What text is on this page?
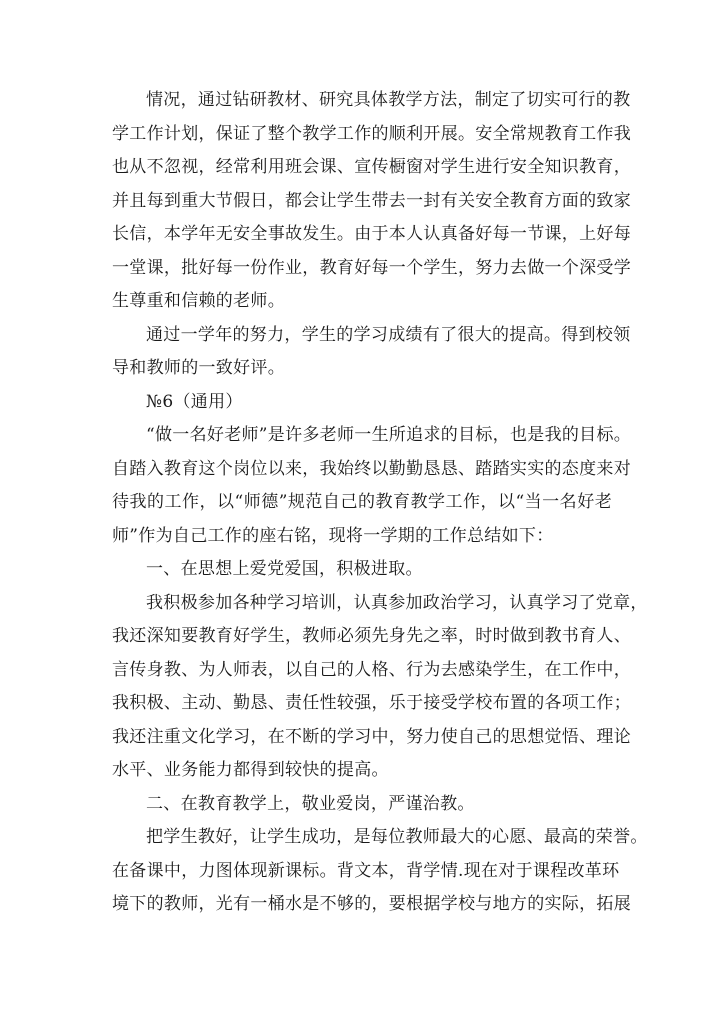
情况，通过钻研教材、研究具体教学方法，制定了切实可行的教
学工作计划，保证了整个教学工作的顺利开展。安全常规教育工作我
也从不忽视，经常利用班会课、宣传橱窗对学生进行安全知识教育，
并且每到重大节假日，都会让学生带去一封有关安全教育方面的致家
长信，本学年无安全事故发生。由于本人认真备好每一节课，上好每
一堂课，批好每一份作业，教育好每一个学生，努力去做一个深受学
生尊重和信赖的老师。
通过一学年的努力，学生的学习成绩有了很大的提高。得到校领
导和教师的一致好评。
№6（通用）
“做一名好老师”是许多老师一生所追求的目标，也是我的目标。
自踏入教育这个岗位以来，我始终以勤勤恳恳、踏踏实实的态度来对
待我的工作，以“师德”规范自己的教育教学工作，以“当一名好老
师”作为自己工作的座右铭，现将一学期的工作总结如下：
一、在思想上爱党爱国，积极进取。
我积极参加各种学习培训，认真参加政治学习，认真学习了党章，
我还深知要教育好学生，教师必须先身先之率，时时做到教书育人、
言传身教、为人师表，以自己的人格、行为去感染学生，在工作中，
我积极、主动、勤恳、责任性较强，乐于接受学校布置的各项工作；
我还注重文化学习，在不断的学习中，努力使自己的思想觉悟、理论
水平、业务能力都得到较快的提高。
二、在教育教学上，敬业爱岗，严谨治教。
把学生教好，让学生成功，是每位教师最大的心愿、最高的荣誉。
在备课中，力图体现新课标。背文本，背学情.现在对于课程改革环
境下的教师，光有一桶水是不够的，要根据学校与地方的实际，拓展
